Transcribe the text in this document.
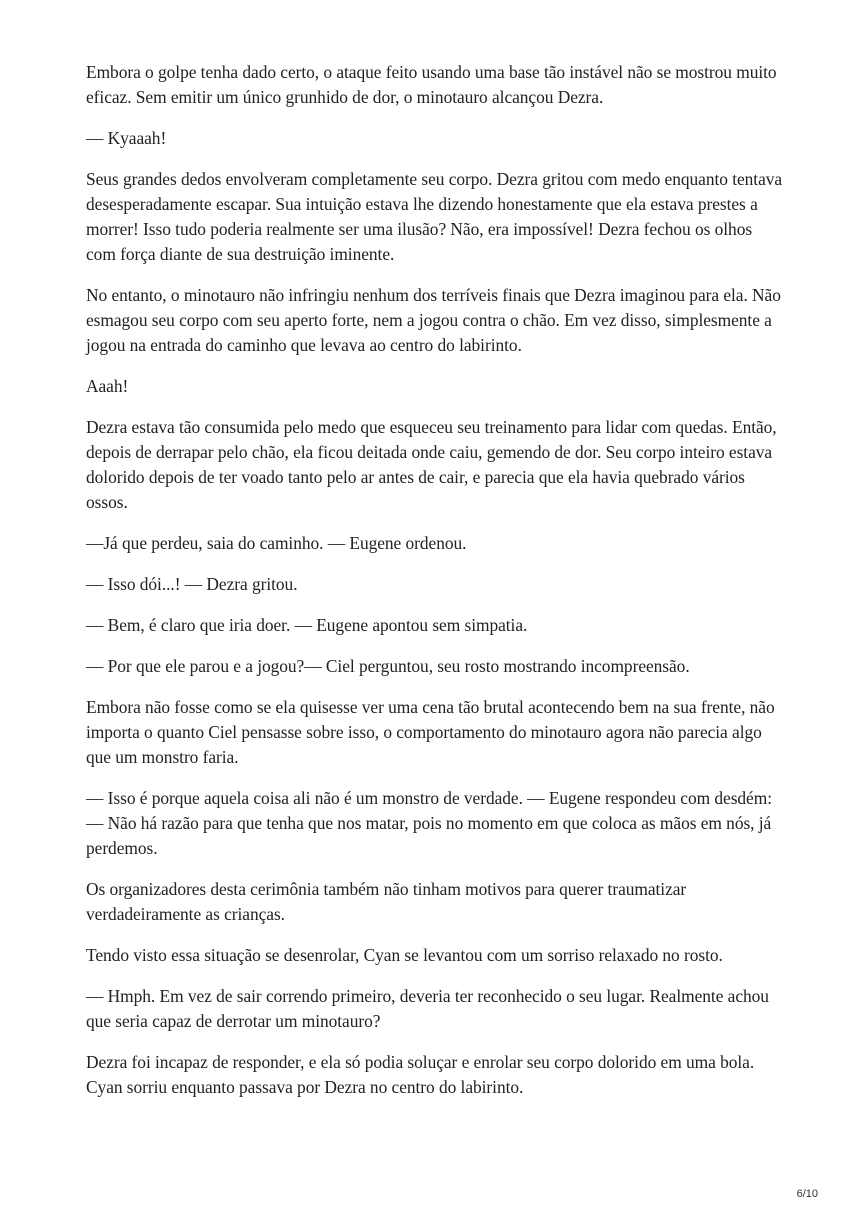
Embora o golpe tenha dado certo, o ataque feito usando uma base tão instável não se mostrou muito eficaz. Sem emitir um único grunhido de dor, o minotauro alcançou Dezra.

— Kyaaah!

Seus grandes dedos envolveram completamente seu corpo. Dezra gritou com medo enquanto tentava desesperadamente escapar. Sua intuição estava lhe dizendo honestamente que ela estava prestes a morrer! Isso tudo poderia realmente ser uma ilusão? Não, era impossível! Dezra fechou os olhos com força diante de sua destruição iminente.

No entanto, o minotauro não infringiu nenhum dos terríveis finais que Dezra imaginou para ela. Não esmagou seu corpo com seu aperto forte, nem a jogou contra o chão. Em vez disso, simplesmente a jogou na entrada do caminho que levava ao centro do labirinto.

Aaah!

Dezra estava tão consumida pelo medo que esqueceu seu treinamento para lidar com quedas. Então, depois de derrapar pelo chão, ela ficou deitada onde caiu, gemendo de dor. Seu corpo inteiro estava dolorido depois de ter voado tanto pelo ar antes de cair, e parecia que ela havia quebrado vários ossos.

—Já que perdeu, saia do caminho. — Eugene ordenou.

— Isso dói...! — Dezra gritou.

— Bem, é claro que iria doer. — Eugene apontou sem simpatia.

— Por que ele parou e a jogou?— Ciel perguntou, seu rosto mostrando incompreensão.

Embora não fosse como se ela quisesse ver uma cena tão brutal acontecendo bem na sua frente, não importa o quanto Ciel pensasse sobre isso, o comportamento do minotauro agora não parecia algo que um monstro faria.

— Isso é porque aquela coisa ali não é um monstro de verdade. — Eugene respondeu com desdém: — Não há razão para que tenha que nos matar, pois no momento em que coloca as mãos em nós, já perdemos.

Os organizadores desta cerimônia também não tinham motivos para querer traumatizar verdadeiramente as crianças.

Tendo visto essa situação se desenrolar, Cyan se levantou com um sorriso relaxado no rosto.

— Hmph. Em vez de sair correndo primeiro, deveria ter reconhecido o seu lugar. Realmente achou que seria capaz de derrotar um minotauro?

Dezra foi incapaz de responder, e ela só podia soluçar e enrolar seu corpo dolorido em uma bola. Cyan sorriu enquanto passava por Dezra no centro do labirinto.

6/10
